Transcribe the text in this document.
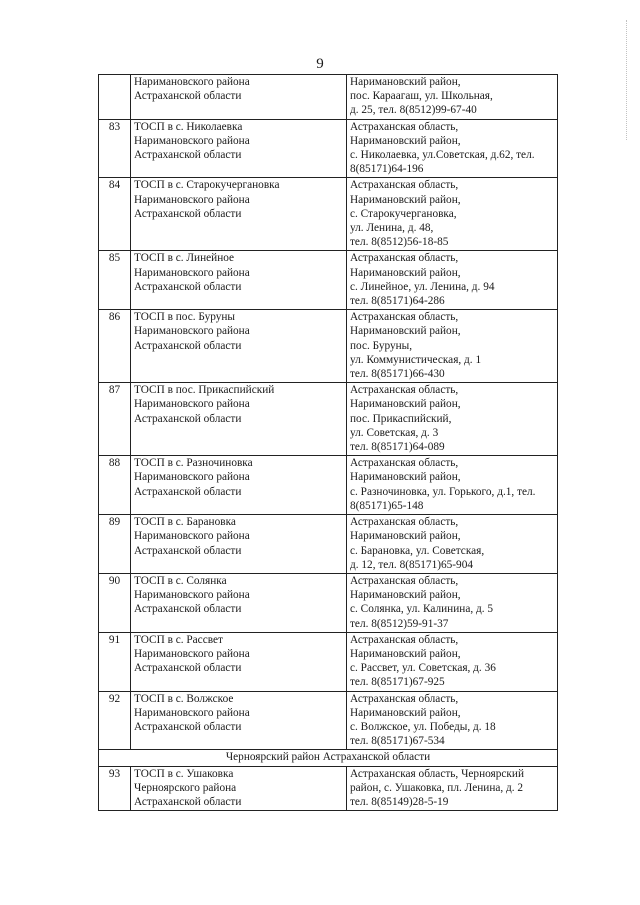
9
	Наримановского района
Астраханской области	Наримановский район,
пос. Караагаш, ул. Школьная,
д. 25, тел. 8(8512)99-67-40
83	ТОСП в с. Николаевка
Наримановского района
Астраханской области	Астраханская область,
Наримановский район,
с. Николаевка, ул.Советская, д.62, тел.
8(85171)64-196
84	ТОСП в с. Старокучергановка
Наримановского района
Астраханской области	Астраханская область,
Наримановский район,
с. Старокучергановка,
ул. Ленина, д. 48,
тел. 8(8512)56-18-85
85	ТОСП в с. Линейное
Наримановского района
Астраханской области	Астраханская область,
Наримановский район,
с. Линейное, ул. Ленина, д. 94
тел. 8(85171)64-286
86	ТОСП в пос. Буруны
Наримановского района
Астраханской области	Астраханская область,
Наримановский район,
пос. Буруны,
ул. Коммунистическая, д. 1
тел. 8(85171)66-430
87	ТОСП в пос. Прикаспийский
Наримановского района
Астраханской области	Астраханская область,
Наримановский район,
пос. Прикаспийский,
ул. Советская, д. 3
тел. 8(85171)64-089
88	ТОСП в с. Разночиновка
Наримановского района
Астраханской области	Астраханская область,
Наримановский район,
с. Разночиновка, ул. Горького, д.1, тел.
8(85171)65-148
89	ТОСП в с. Барановка
Наримановского района
Астраханской области	Астраханская область,
Наримановский район,
с. Барановка, ул. Советская,
д. 12, тел. 8(85171)65-904
90	ТОСП в с. Солянка
Наримановского района
Астраханской области	Астраханская область,
Наримановский район,
с. Солянка, ул. Калинина, д. 5
тел. 8(8512)59-91-37
91	ТОСП в с. Рассвет
Наримановского района
Астраханской области	Астраханская область,
Наримановский район,
с. Рассвет, ул. Советская, д. 36
тел. 8(85171)67-925
92	ТОСП в с. Волжское
Наримановского района
Астраханской области	Астраханская область,
Наримановский район,
с. Волжское, ул. Победы, д. 18
тел. 8(85171)67-534
Черноярский район Астраханской области		
93	ТОСП в с. Ушаковка
Черноярского района
Астраханской области	Астраханская область, Черноярский
район, с. Ушаковка, пл. Ленина, д. 2
тел. 8(85149)28-5-19
